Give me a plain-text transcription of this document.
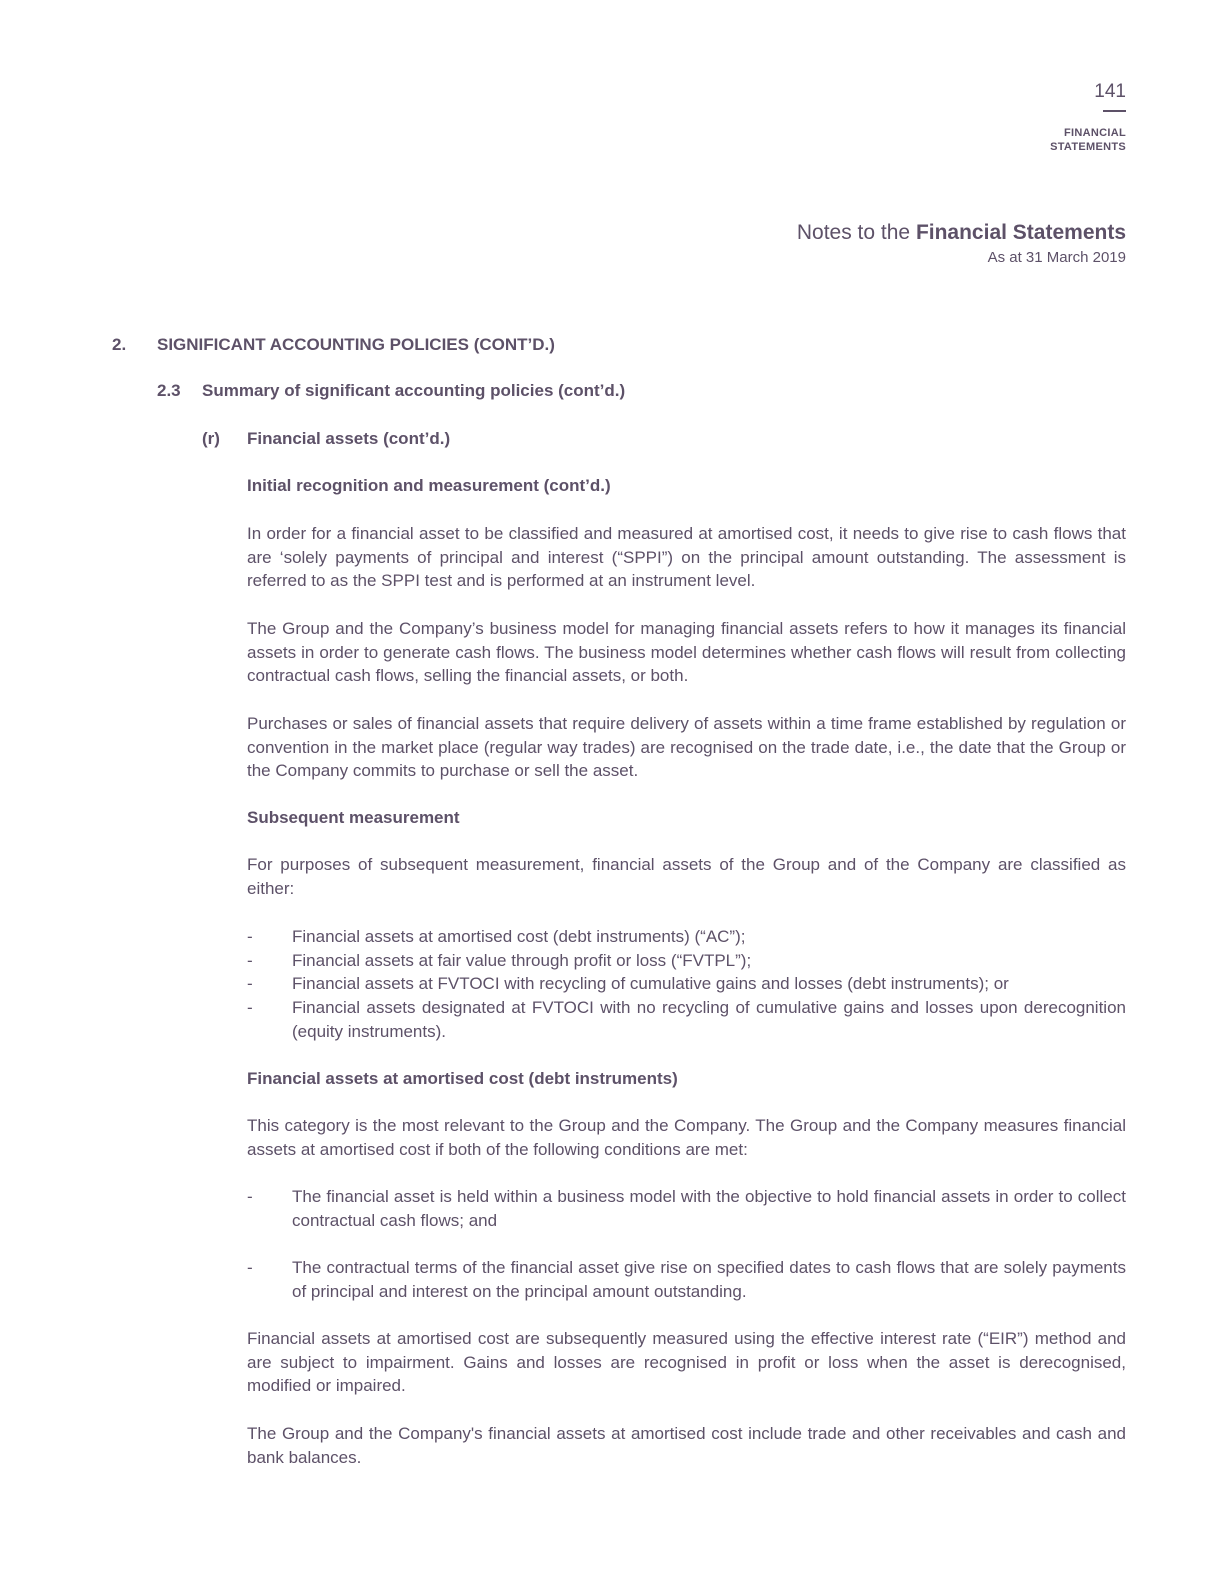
141
FINANCIAL
STATEMENTS
Notes to the Financial Statements
As at 31 March 2019
2. SIGNIFICANT ACCOUNTING POLICIES (CONT’D.)
2.3 Summary of significant accounting policies (cont’d.)
(r) Financial assets (cont’d.)
Initial recognition and measurement (cont’d.)
In order for a financial asset to be classified and measured at amortised cost, it needs to give rise to cash flows that are ‘solely payments of principal and interest (“SPPI”) on the principal amount outstanding. The assessment is referred to as the SPPI test and is performed at an instrument level.
The Group and the Company’s business model for managing financial assets refers to how it manages its financial assets in order to generate cash flows. The business model determines whether cash flows will result from collecting contractual cash flows, selling the financial assets, or both.
Purchases or sales of financial assets that require delivery of assets within a time frame established by regulation or convention in the market place (regular way trades) are recognised on the trade date, i.e., the date that the Group or the Company commits to purchase or sell the asset.
Subsequent measurement
For purposes of subsequent measurement, financial assets of the Group and of the Company are classified as either:
- Financial assets at amortised cost (debt instruments) (“AC”);
- Financial assets at fair value through profit or loss (“FVTPL”);
- Financial assets at FVTOCI with recycling of cumulative gains and losses (debt instruments); or
- Financial assets designated at FVTOCI with no recycling of cumulative gains and losses upon derecognition (equity instruments).
Financial assets at amortised cost (debt instruments)
This category is the most relevant to the Group and the Company. The Group and the Company measures financial assets at amortised cost if both of the following conditions are met:
- The financial asset is held within a business model with the objective to hold financial assets in order to collect contractual cash flows; and
- The contractual terms of the financial asset give rise on specified dates to cash flows that are solely payments of principal and interest on the principal amount outstanding.
Financial assets at amortised cost are subsequently measured using the effective interest rate (“EIR”) method and are subject to impairment. Gains and losses are recognised in profit or loss when the asset is derecognised, modified or impaired.
The Group and the Company's financial assets at amortised cost include trade and other receivables and cash and bank balances.
